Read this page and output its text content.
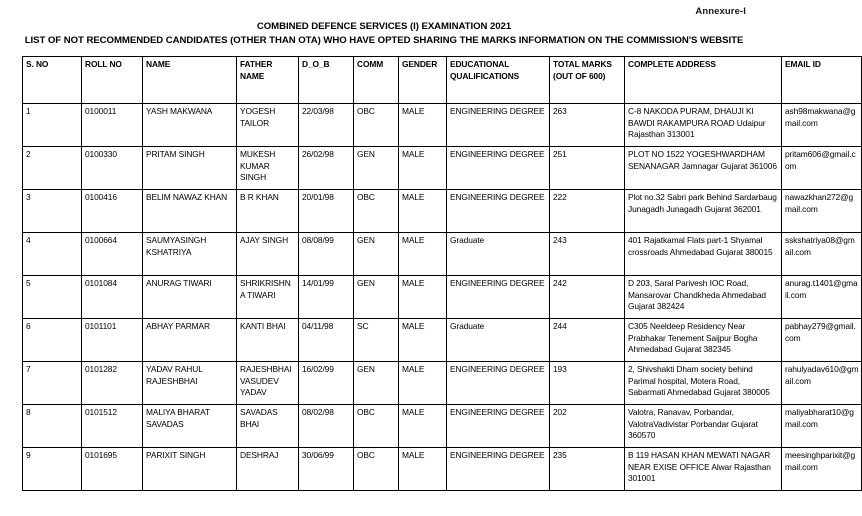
Annexure-I
COMBINED DEFENCE SERVICES (I) EXAMINATION 2021
LIST OF NOT RECOMMENDED CANDIDATES (OTHER THAN OTA) WHO HAVE OPTED SHARING THE MARKS INFORMATION ON THE COMMISSION'S WEBSITE
S. NO	ROLL NO	NAME	FATHER NAME	D_O_B	COMM	GENDER	EDUCATIONAL QUALIFICATIONS	TOTAL MARKS (OUT OF 600)	COMPLETE ADDRESS	EMAIL ID
1	0100011	YASH MAKWANA	YOGESH TAILOR	22/03/98	OBC	MALE	ENGINEERING DEGREE	263	C-8 NAKODA PURAM, DHAUJI KI BAWDI RAKAMPURA ROAD Udaipur Rajasthan 313001	ash98makwana@gmail.com
2	0100330	PRITAM SINGH	MUKESH KUMAR SINGH	26/02/98	GEN	MALE	ENGINEERING DEGREE	251	PLOT NO 1522 YOGESHWARDHAM SENANAGAR Jamnagar Gujarat 361006	pritam606@gmail.com
3	0100416	BELIM NAWAZ KHAN	B R KHAN	20/01/98	OBC	MALE	ENGINEERING DEGREE	222	Plot no.32 Sabri park Behind Sardarbaug Junagadh Junagadh Gujarat 362001	nawazkhan272@gmail.com
4	0100664	SAUMYASINGH KSHATRIYA	AJAY SINGH	08/08/99	GEN	MALE	Graduate	243	401 Rajatkamal Flats part-1 Shyamal crossroads Ahmedabad Gujarat 380015	sskshatriya08@gmail.com
5	0101084	ANURAG TIWARI	SHRIKRISHNA TIWARI	14/01/99	GEN	MALE	ENGINEERING DEGREE	242	D 203, Saral Parivesh IOC Road, Mansarovar Chandkheda Ahmedabad Gujarat 382424	anurag.t1401@gmail.com
6	0101101	ABHAY PARMAR	KANTI BHAI	04/11/98	SC	MALE	Graduate	244	C305 Neeldeep Residency Near Prabhakar Tenement Saijpur Bogha Ahmedabad Gujarat 382345	pabhay279@gmail.com
7	0101282	YADAV RAHUL RAJESHBHAI	RAJESHBHAI VASUDEV YADAV	16/02/99	GEN	MALE	ENGINEERING DEGREE	193	2, Shivshakti Dham society behind Parimal hospital, Motera Road, Sabarmati Ahmedabad Gujarat 380005	rahulyadav610@gmail.com
8	0101512	MALIYA BHARAT SAVADAS	SAVADAS BHAI	08/02/98	OBC	MALE	ENGINEERING DEGREE	202	Valotra, Ranavav, Porbandar, ValotraVadivistar Porbandar Gujarat 360570	maliyabharat10@gmail.com
9	0101695	PARIXIT SINGH	DESHRAJ	30/06/99	OBC	MALE	ENGINEERING DEGREE	235	B 119 HASAN KHAN MEWATI NAGAR NEAR EXISE OFFICE Alwar Rajasthan 301001	meesinghparixit@gmail.com
